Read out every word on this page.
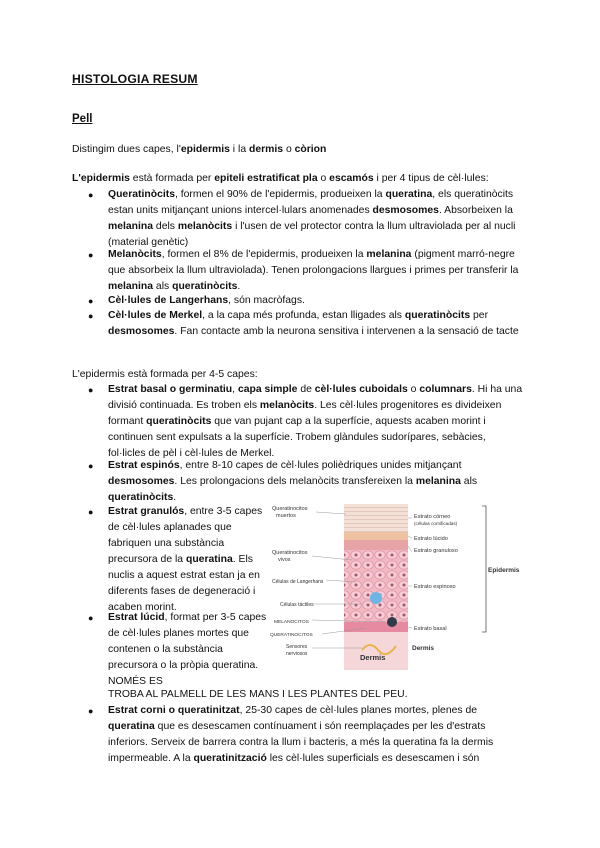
HISTOLOGIA RESUM
Pell
Distingim dues capes, l'epidermis i la dermis o còrion
L'epidermis està formada per epiteli estratificat pla o escamós i per 4 tipus de cèl·lules:
● Queratinòcits, formen el 90% de l'epidermis, produeixen la queratina, els queratinòcits estan units mitjançant unions intercel·lulars anomenades desmosomes. Absorbeixen la melanina dels melanòcits i l'usen de vel protector contra la llum ultraviolada per al nucli (material genètic)
● Melanòcits, formen el 8% de l'epidermis, produeixen la melanina (pigment marró-negre que absorbeix la llum ultraviolada). Tenen prolongacions llargues i primes per transferir la melanina als queratinòcits.
● Cèl·lules de Langerhans, són macròfags.
● Cèl·lules de Merkel, a la capa més profunda, estan lligades als queratinòcits per desmosomes. Fan contacte amb la neurona sensitiva i intervenen a la sensació de tacte
L'epidermis està formada per 4-5 capes:
● Estrat basal o germinatiu, capa simple de cèl·lules cuboidals o columnars. Hi ha una divisió continuada. Es troben els melanòcits. Les cèl·lules progenitores es divideixen formant queratinòcits que van pujant cap a la superfície, aquests acaben morint i continuen sent expulsats a la superfície. Trobem glàndules sudorípares, sebàcies, fol·licles de pèl i cèl·lules de Merkel.
● Estrat espinós, entre 8-10 capes de cèl·lules polièdriques unides mitjançant desmosomes. Les prolongacions dels melanòcits transfereixen la melanina als queratinòcits.
● Estrat granulós, entre 3-5 capes de cèl·lules aplanades que fabriquen una substància precursora de la queratina. Els nuclis a aquest estrat estan ja en diferents fases de degeneració i acaben morint.
● Estrat lúcid, format per 3-5 capes de cèl·lules planes mortes que contenen o la substància precursora o la pròpia queratina. NOMÉS ES
TROBA AL PALMELL DE LES MANS I LES PLANTES DEL PEU.
● Estrat corni o queratinitzat, 25-30 capes de cèl·lules planes mortes, plenes de queratina que es desescamen contínuament i són reemplaçades per les d'estrats inferiors. Serveix de barrera contra la llum i bacteris, a més la queratina fa la dermis impermeable. A la queratinització les cèl·lules superficials es desescamen i són
Queratinocitos
muertos
Queratinocitos
vivos
Células de Langerhans
Células táctiles
MELANOCITOS
QUERATINOCITOS
Sensores
nerviosos
Estrato córneo
(células cornificadas)
Estrato lúcido
Estrato granuloso
Estrato espinoso
Estrato basal
Epidermis
Dermis
Dermis
